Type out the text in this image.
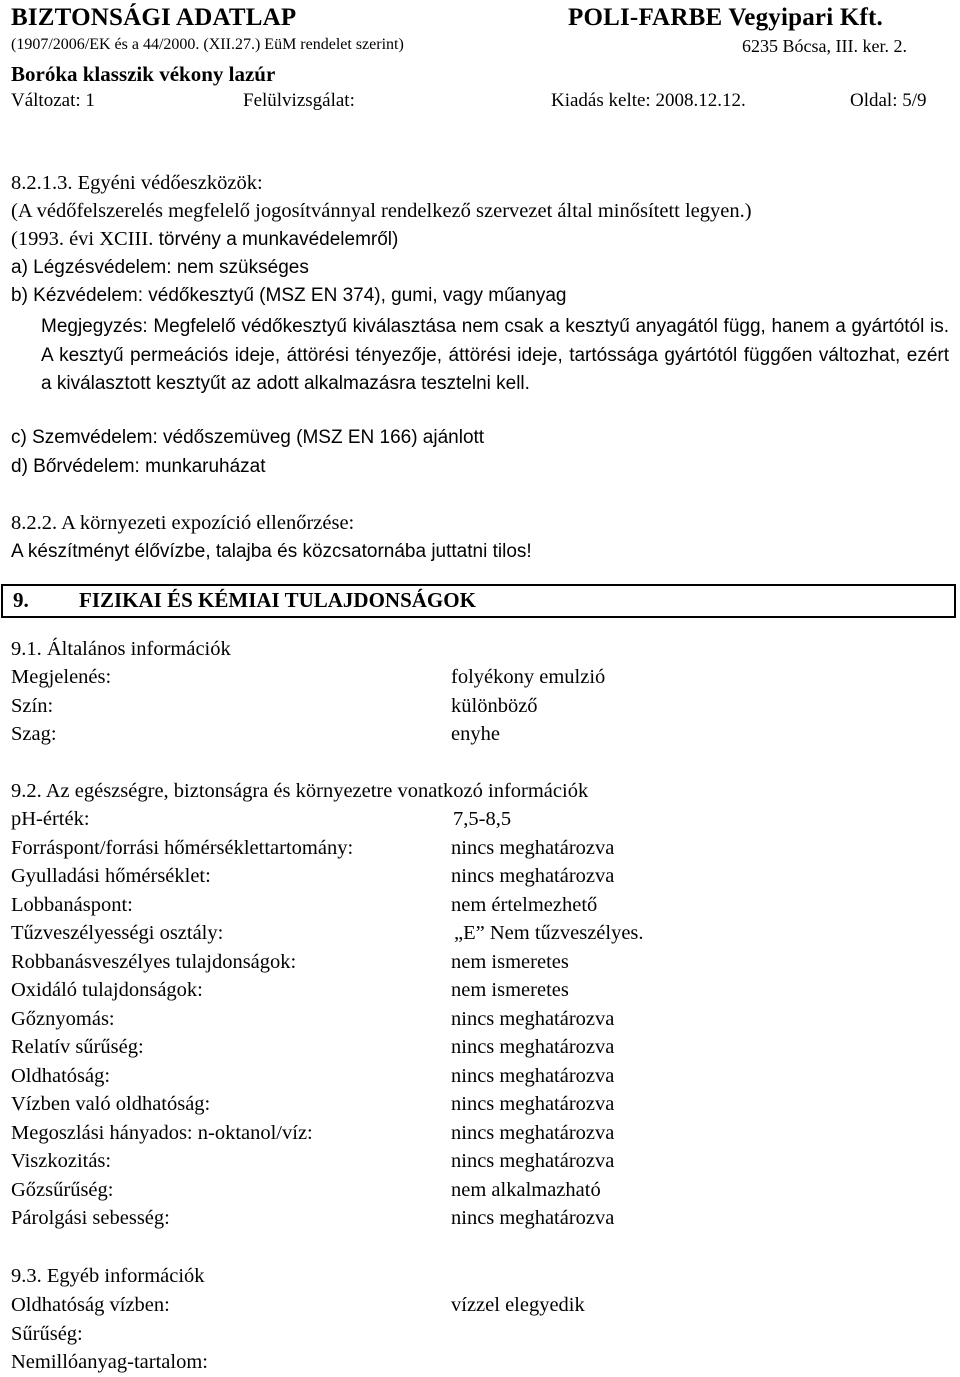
BIZTONSÁGI ADATLAP	POLI-FARBE Vegyipari Kft.
(1907/2006/EK és a 44/2000. (XII.27.) EüM rendelet szerint)	6235 Bócsa, III. ker. 2.
Boróka klasszik vékony lazúr
Változat: 1	Felülvizsgálat:	Kiadás kelte: 2008.12.12.	Oldal: 5/9
8.2.1.3. Egyéni védőeszközök:
(A védőfelszerelés megfelelő jogosítvánnyal rendelkező szervezet által minősített legyen.)
(1993. évi XCIII. törvény a munkavédelemről)
a) Légzésvédelem: nem szükséges
b) Kézvédelem: védőkesztyű (MSZ EN 374), gumi, vagy műanyag
Megjegyzés: Megfelelő védőkesztyű kiválasztása nem csak a kesztyű anyagától függ, hanem a gyártótól is. A kesztyű permeációs ideje, áttörési tényezője, áttörési ideje, tartóssága gyártótól függően változhat, ezért a kiválasztott kesztyűt az adott alkalmazásra tesztelni kell.
c) Szemvédelem: védőszemüveg (MSZ EN 166) ajánlott
d) Bőrvédelem: munkaruházat
8.2.2. A környezeti expozíció ellenőrzése:
A készítményt élővízbe, talajba és közcsatornába juttatni tilos!
9. FIZIKAI ÉS KÉMIAI TULAJDONSÁGOK
9.1. Általános információk
Megjelenés:	folyékony emulzió
Szín:	különböző
Szag:	enyhe
9.2. Az egészségre, biztonságra és környezetre vonatkozó információk
pH-érték:	7,5-8,5
Forráspont/forrási hőmérséklettartomány:	nincs meghatározva
Gyulladási hőmérséklet:	nincs meghatározva
Lobbanáspont:	nem értelmezhető
Tűzveszélyességi osztály:	„E” Nem tűzveszélyes.
Robbanásveszélyes tulajdonságok:	nem ismeretes
Oxidáló tulajdonságok:	nem ismeretes
Gőznyomás:	nincs meghatározva
Relatív sűrűség:	nincs meghatározva
Oldhatóság:	nincs meghatározva
Vízben való oldhatóság:	nincs meghatározva
Megoszlási hányados: n-oktanol/víz:	nincs meghatározva
Viszkozitás:	nincs meghatározva
Gőzsűrűség:	nem alkalmazható
Párolgási sebesség:	nincs meghatározva
9.3. Egyéb információk
Oldhatóság vízben:	vízzel elegyedik
Sűrűség:
Nemillóanyag-tartalom:
